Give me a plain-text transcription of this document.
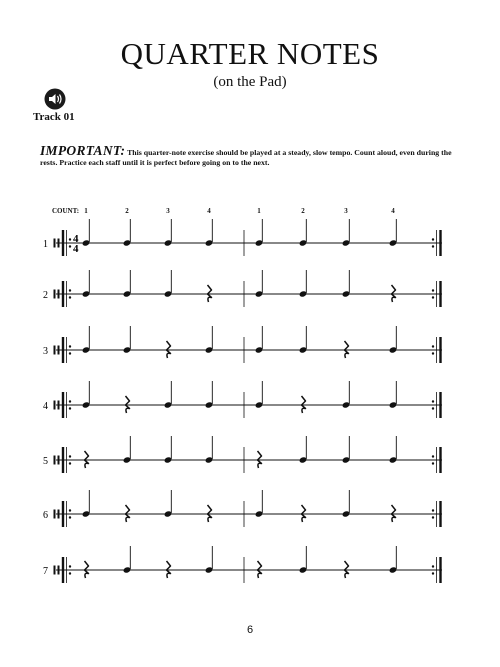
QUARTER NOTES
(on the Pad)
Track 01
IMPORTANT: This quarter-note exercise should be played at a steady, slow tempo. Count aloud, even during the rests. Practice each staff until it is perfect before going on to the next.
COUNT: 1	2	3	4	1	2	3	4
1 4
4
2
3
4
5
6
7
6
